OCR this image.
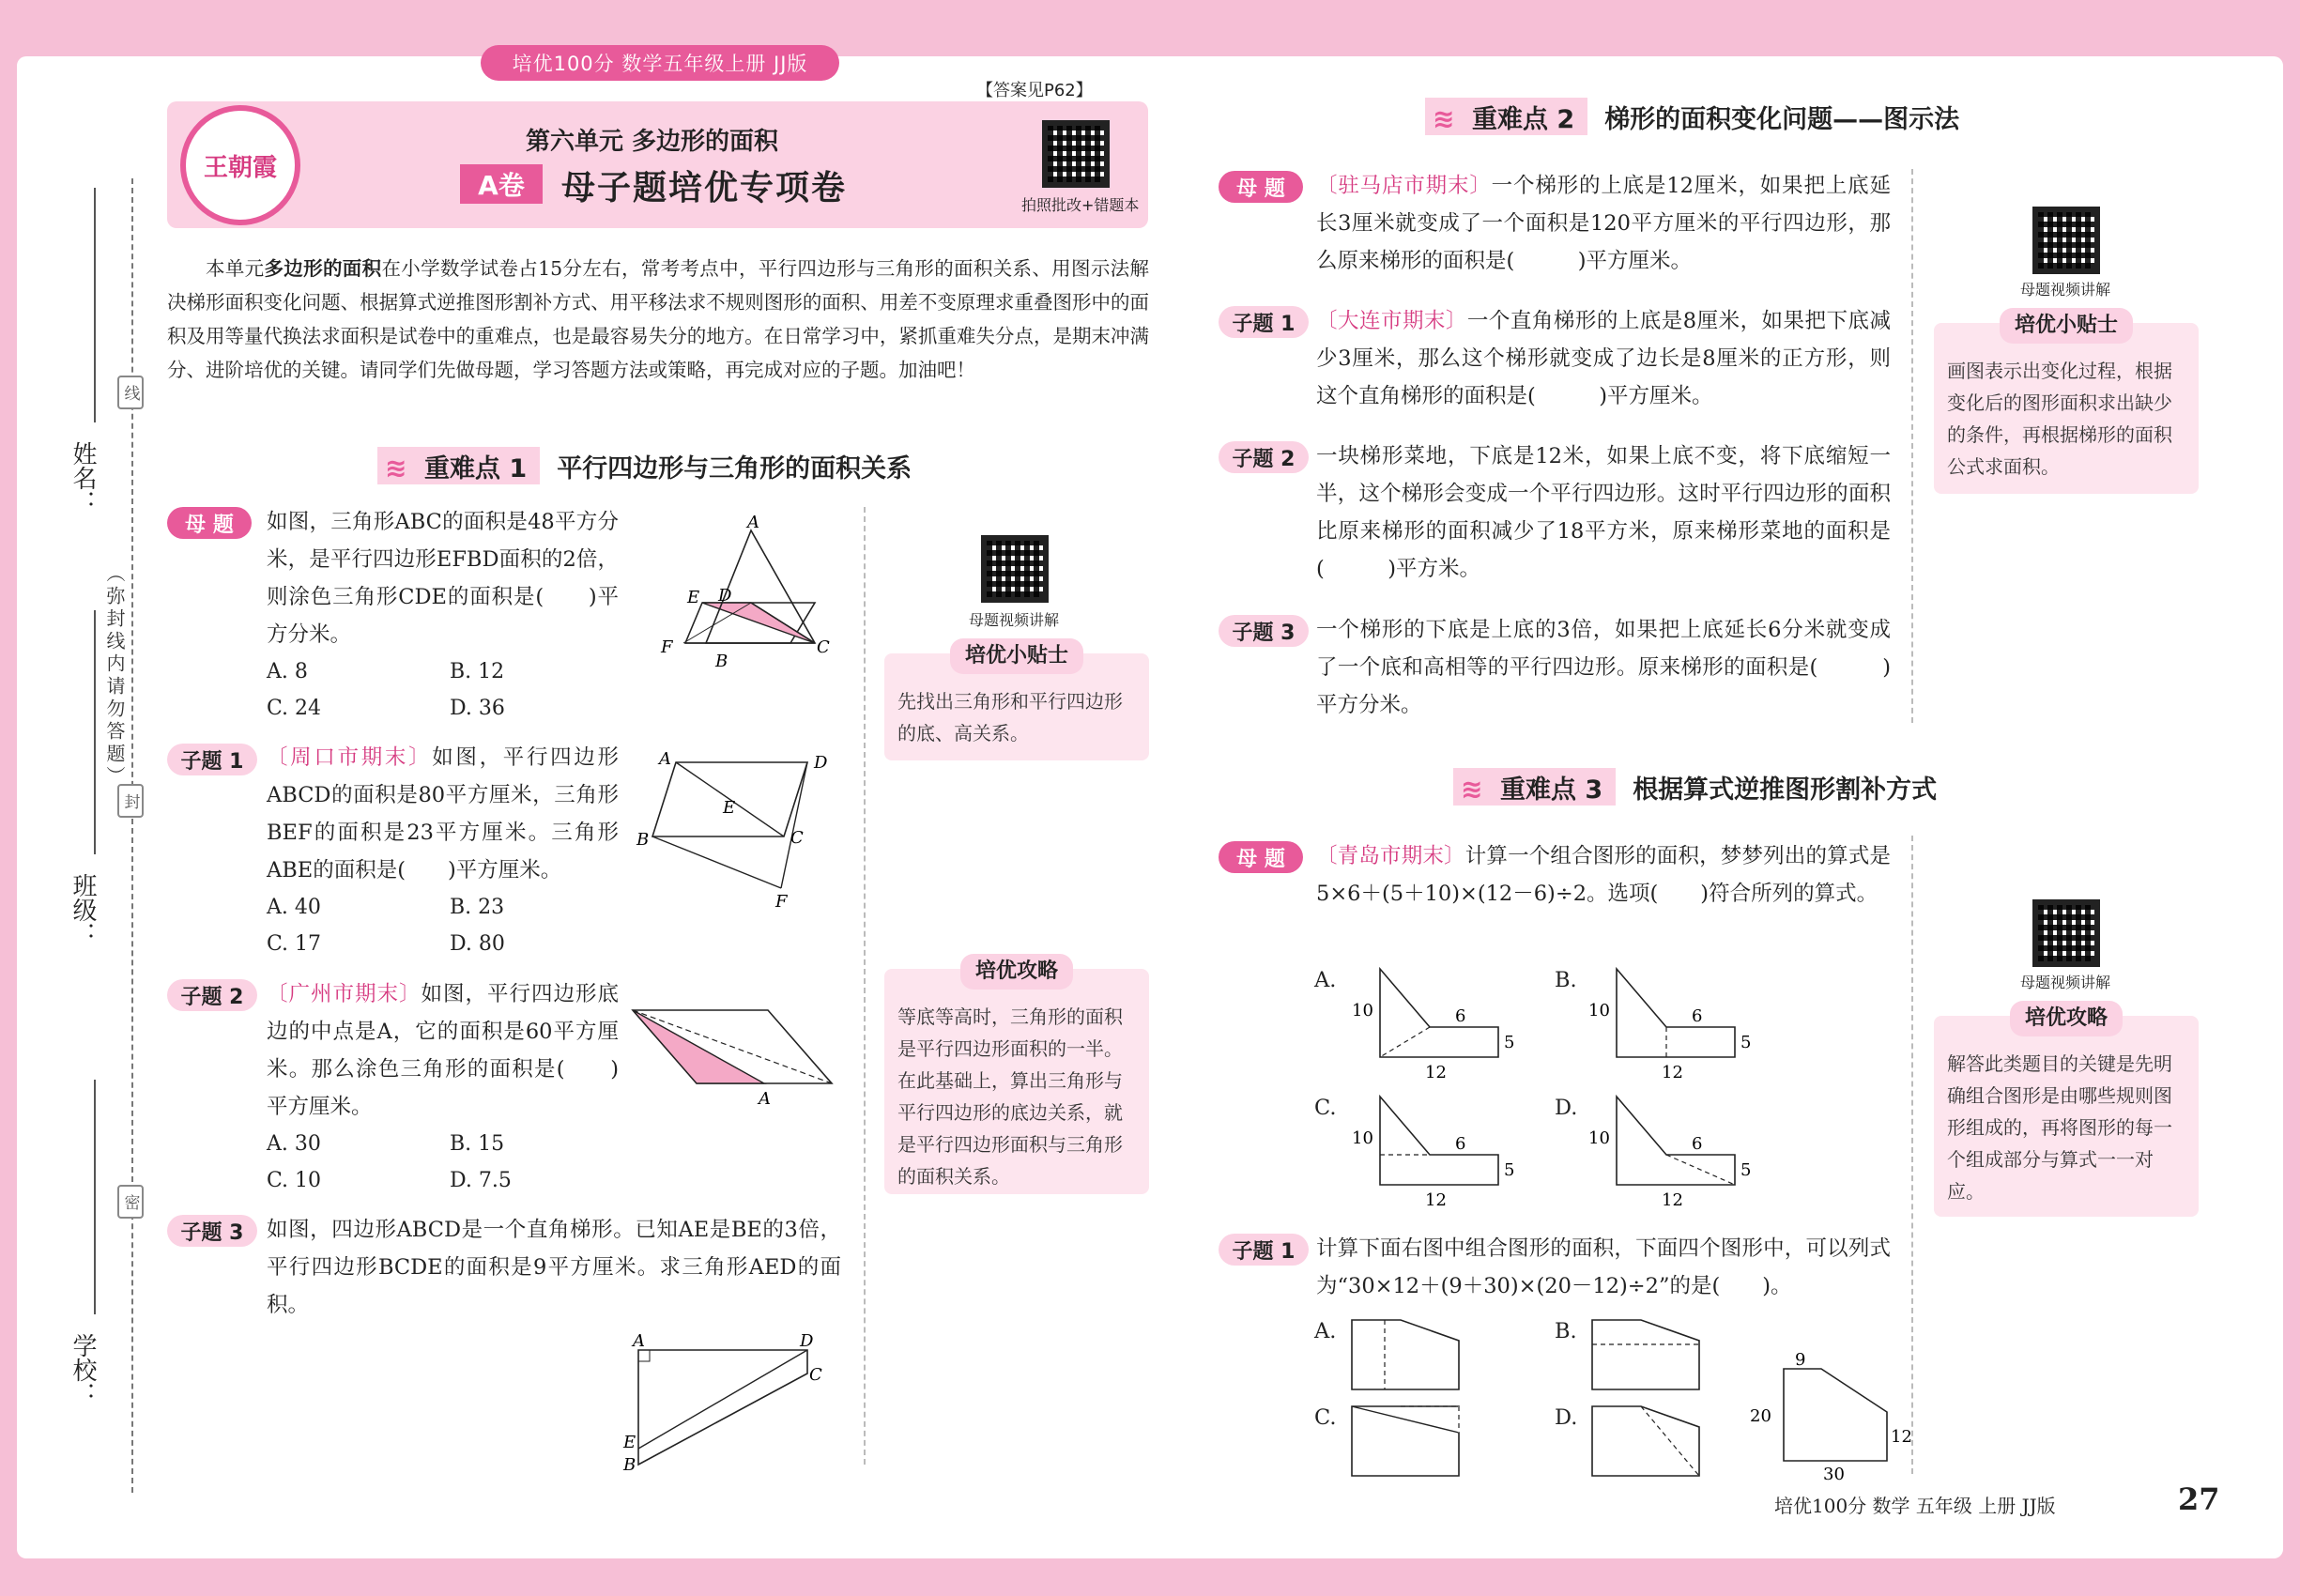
培优100分 数学五年级上册 JJ版
【答案见P62】
姓名：
班级：
学校：
线
封
密
（弥封线内请勿答题）
王朝霞
第六单元 多边形的面积
A卷	母子题培优专项卷	拍照批改+错题本
本单元多边形的面积在小学数学试卷占15分左右，常考考点中，平行四边形与三角形的面积关系、用图示法解决梯形面积变化问题、根据算式逆推图形割补方式、用平移法求不规则图形的面积、用差不变原理求重叠图形中的面积及用等量代换法求面积是试卷中的重难点，也是最容易失分的地方。在日常学习中，紧抓重难失分点，是期末冲满分、进阶培优的关键。请同学们先做母题，学习答题方法或策略，再完成对应的子题。加油吧！
≋ 重难点 1 平行四边形与三角形的面积关系
母 题	如图，三角形ABC的面积是48平方分米，是平行四边形EFBD面积的2倍，则涂色三角形CDE的面积是(　　)平方分米。
A. 8	B. 12
C. 24	D. 36
A
E D
F
B
C
子题 1	〔周口市期末〕如图，平行四边形ABCD的面积是80平方厘米，三角形BEF的面积是23平方厘米。三角形ABE的面积是(　　)平方厘米。
A. 40	B. 23
C. 17	D. 80
A	D
E
B	C
F
子题 2	〔广州市期末〕如图，平行四边形底边的中点是A，它的面积是60平方厘米。那么涂色三角形的面积是(　　)平方厘米。
A. 30	B. 15
C. 10	D. 7.5
A
子题 3	如图，四边形ABCD是一个直角梯形。已知AE是BE的3倍，平行四边形BCDE的面积是9平方厘米。求三角形AED的面积。
A	D
C
E
B
母题视频讲解
培优小贴士
先找出三角形和平行四边形的底、高关系。
培优攻略
等底等高时，三角形的面积是平行四边形面积的一半。在此基础上，算出三角形与平行四边形的底边关系，就是平行四边形面积与三角形的面积关系。
≋ 重难点 2 梯形的面积变化问题——图示法
母 题	〔驻马店市期末〕一个梯形的上底是12厘米，如果把上底延长3厘米就变成了一个面积是120平方厘米的平行四边形，那么原来梯形的面积是(　　　)平方厘米。
子题 1	〔大连市期末〕一个直角梯形的上底是8厘米，如果把下底减少3厘米，那么这个梯形就变成了边长是8厘米的正方形，则这个直角梯形的面积是(　　　)平方厘米。
子题 2	一块梯形菜地，下底是12米，如果上底不变，将下底缩短一半，这个梯形会变成一个平行四边形。这时平行四边形的面积比原来梯形的面积减少了18平方米，原来梯形菜地的面积是(　　　)平方米。
子题 3	一个梯形的下底是上底的3倍，如果把上底延长6分米就变成了一个底和高相等的平行四边形。原来梯形的面积是(　　　)平方分米。
母题视频讲解
培优小贴士
画图表示出变化过程，根据变化后的图形面积求出缺少的条件，再根据梯形的面积公式求面积。
≋ 重难点 3 根据算式逆推图形割补方式
母 题	〔青岛市期末〕计算一个组合图形的面积，梦梦列出的算式是5×6＋(5＋10)×(12－6)÷2。选项(　　)符合所列的算式。
A.
10	6
5
12
B.
10	6
5
12
C.
10	6
5
12
D.
10	6
5
12
子题 1	计算下面右图中组合图形的面积，下面四个图形中，可以列式为“30×12＋(9＋30)×(20－12)÷2”的是(　　)。
A.	B.
C.	D.
9
20
12
30
母题视频讲解
培优攻略
解答此类题目的关键是先明确组合图形是由哪些规则图形组成的，再将图形的每一个组成部分与算式一一对应。
培优100分 数学 五年级 上册 JJ版	27
